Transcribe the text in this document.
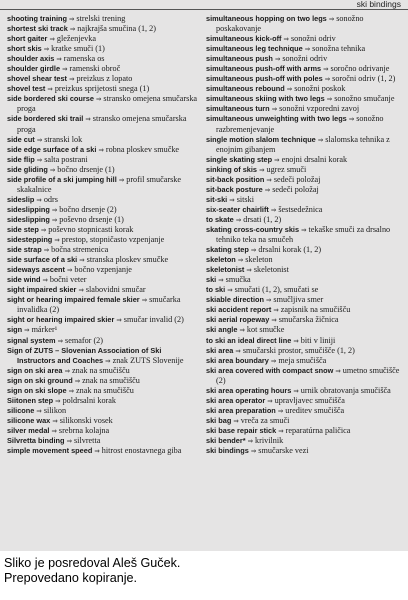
ski bindings

shooting training ⇒ strelski trening

shortest ski track ⇒ najkrajša smučina (1, 2)

short gaiter ⇒ gleženjevka

short skis ⇒ kratke smuči (1)

shoulder axis ⇒ ramenska os

shoulder girdle ⇒ ramenski obroč

shovel shear test ⇒ preizkus z lopato

shovel test ⇒ preizkus sprijetosti snega (1)

side bordered ski course ⇒ stransko omejena smučarska proga

side bordered ski trail ⇒ stransko omejena smučarska proga

side cut ⇒ stranski lok

side edge surface of a ski ⇒ robna ploskev smučke

side flip ⇒ salta postrani

side gliding ⇒ bočno drsenje (1)

side profile of a ski jumping hill ⇒ profil smučarske skakalnice

sideslip ⇒ odrs

sideslipping ⇒ bočno drsenje (2)

sideslipping ⇒ poševno drsenje (1)

side step ⇒ poševno stopnicasti korak

sidestepping ⇒ prestop, stopničasto vzpenjanje

side strap ⇒ bočna stremenica

side surface of a ski ⇒ stranska ploskev smučke

sideways ascent ⇒ bočno vzpenjanje

side wind ⇒ bočni veter

sight impaired skier ⇒ slabovidni smučar

sight or hearing impaired female skier ⇒ smučarka invalidka (2)

sight or hearing impaired skier ⇒ smučar invalid (2)

sign ⇒ márker¹

signal system ⇒ semafor (2)

Sign of ZUTS – Slovenian Association of Ski Instructors and Coaches ⇒ znak ZUTS Slovenije

sign on ski area ⇒ znak na smučišču

sign on ski ground ⇒ znak na smučišču

sign on ski slope ⇒ znak na smučišču

Siitonen step ⇒ poldrsalni korak

silicone ⇒ silikon

silicone wax ⇒ silikonski vosek

silver medal ⇒ srebrna kolajna

Silvretta binding ⇒ silvretta

simple movement speed ⇒ hitrost enostavnega giba

simultaneous hopping on two legs ⇒ sonožno poskakovanje

simultaneous kick-off ⇒ sonožni odriv

simultaneous leg technique ⇒ sonožna tehnika

simultaneous push ⇒ sonožni odriv

simultaneous push-off with arms ⇒ soročno odrivanje

simultaneous push-off with poles ⇒ soročni odriv (1, 2)

simultaneous rebound ⇒ sonožni poskok

simultaneous skiing with two legs ⇒ sonožno smučanje

simultaneous turn ⇒ sonožni vzporedni zavoj

simultaneous unweighting with two legs ⇒ sonožno razbremenjevanje

single motion slalom technique ⇒ slalomska tehnika z enojnim gibanjem

single skating step ⇒ enojni drsalni korak

sinking of skis ⇒ ugrez smuči

sit-back position ⇒ sedeči položaj

sit-back posture ⇒ sedeči položaj

sit-ski ⇒ sitski

six-seater chairlift ⇒ šestsedežnica

to skate ⇒ drsati (1, 2)

skating cross-country skis ⇒ tekaške smuči za drsalno tehniko teka na smučeh

skating step ⇒ drsalni korak (1, 2)

skeleton ⇒ skeleton

skeletonist ⇒ skeletonist

ski ⇒ smučka

to ski ⇒ smučati (1, 2), smučati se

skiable direction ⇒ smučljiva smer

ski accident report ⇒ zapisnik na smučišču

ski aerial ropeway ⇒ smučarska žičnica

ski angle ⇒ kot smučke

to ski an ideal direct line ⇒ biti v liniji

ski area ⇒ smučarski prostor, smučišče (1, 2)

ski area boundary ⇒ meja smučišča

ski area covered with compact snow ⇒ umetno smučišče (2)

ski area operating hours ⇒ urnik obratovanja smučišča

ski area operator ⇒ upravljavec smučišča

ski area preparation ⇒ ureditev smučišča

ski bag ⇒ vreča za smuči

ski base repair stick ⇒ reparatúrna paličica

ski bender* ⇒ krivilnik

ski bindings ⇒ smučarske vezi

Sliko je posredoval Aleš Guček.
Prepovedano kopiranje.
